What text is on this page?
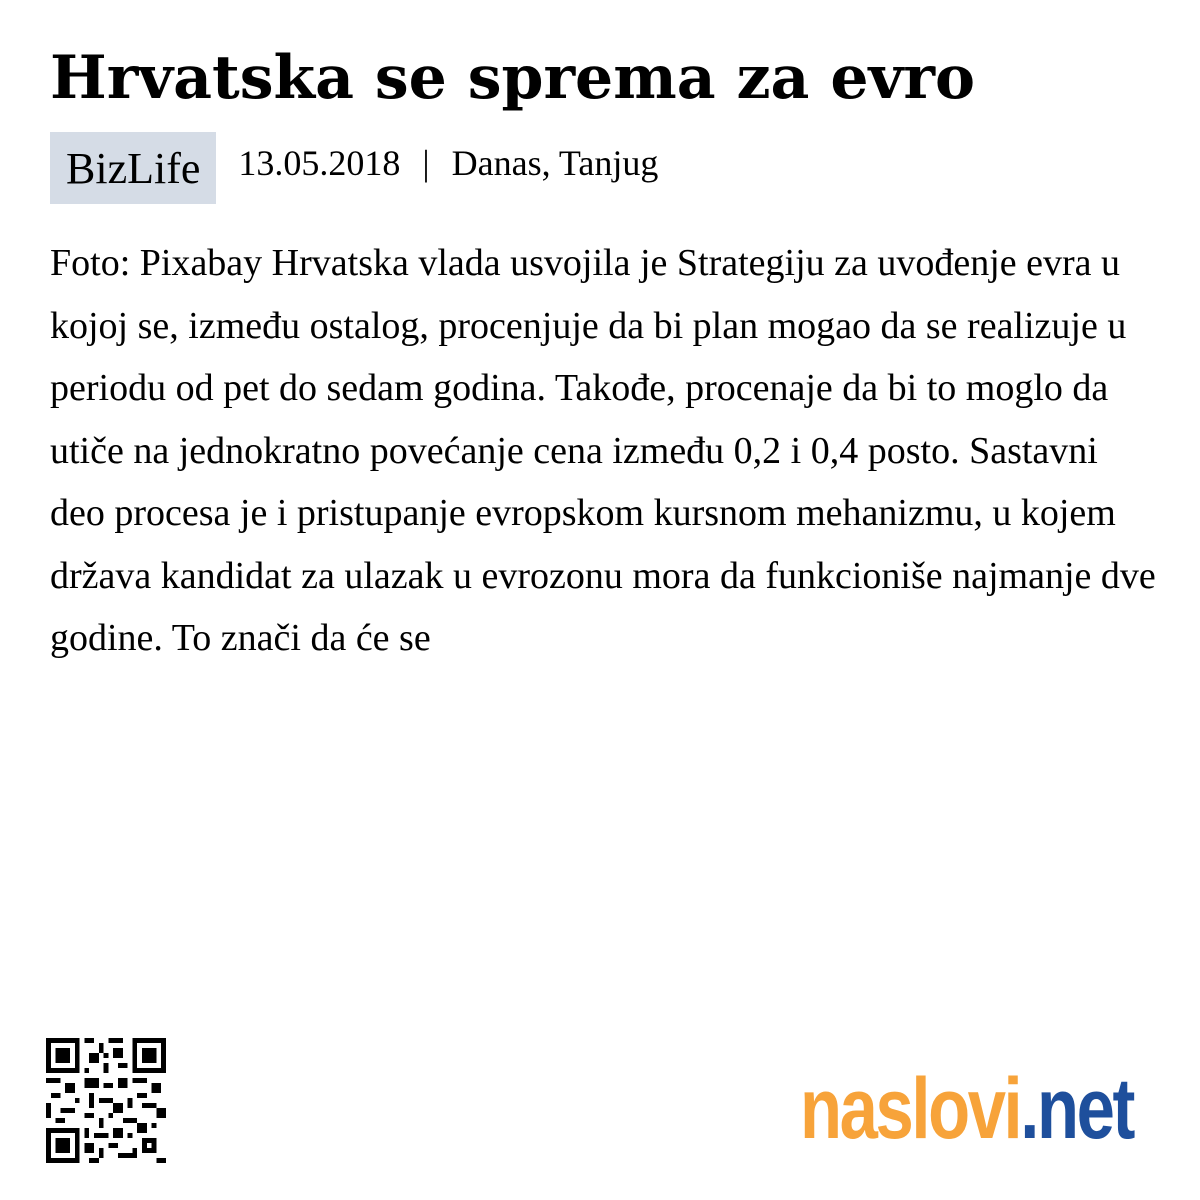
Hrvatska se sprema za evro
BizLife	13.05.2018 | Danas, Tanjug

Foto: Pixabay Hrvatska vlada usvojila je Strategiju za uvođenje evra u kojoj se, između ostalog, procenjuje da bi plan mogao da se realizuje u periodu od pet do sedam godina. Takođe, procenaje da bi to moglo da utiče na jednokratno povećanje cena između 0,2 i 0,4 posto. Sastavni deo procesa je i pristupanje evropskom kursnom mehanizmu, u kojem država kandidat za ulazak u evrozonu mora da funkcioniše najmanje dve godine. To znači da će se

naslovi .net
